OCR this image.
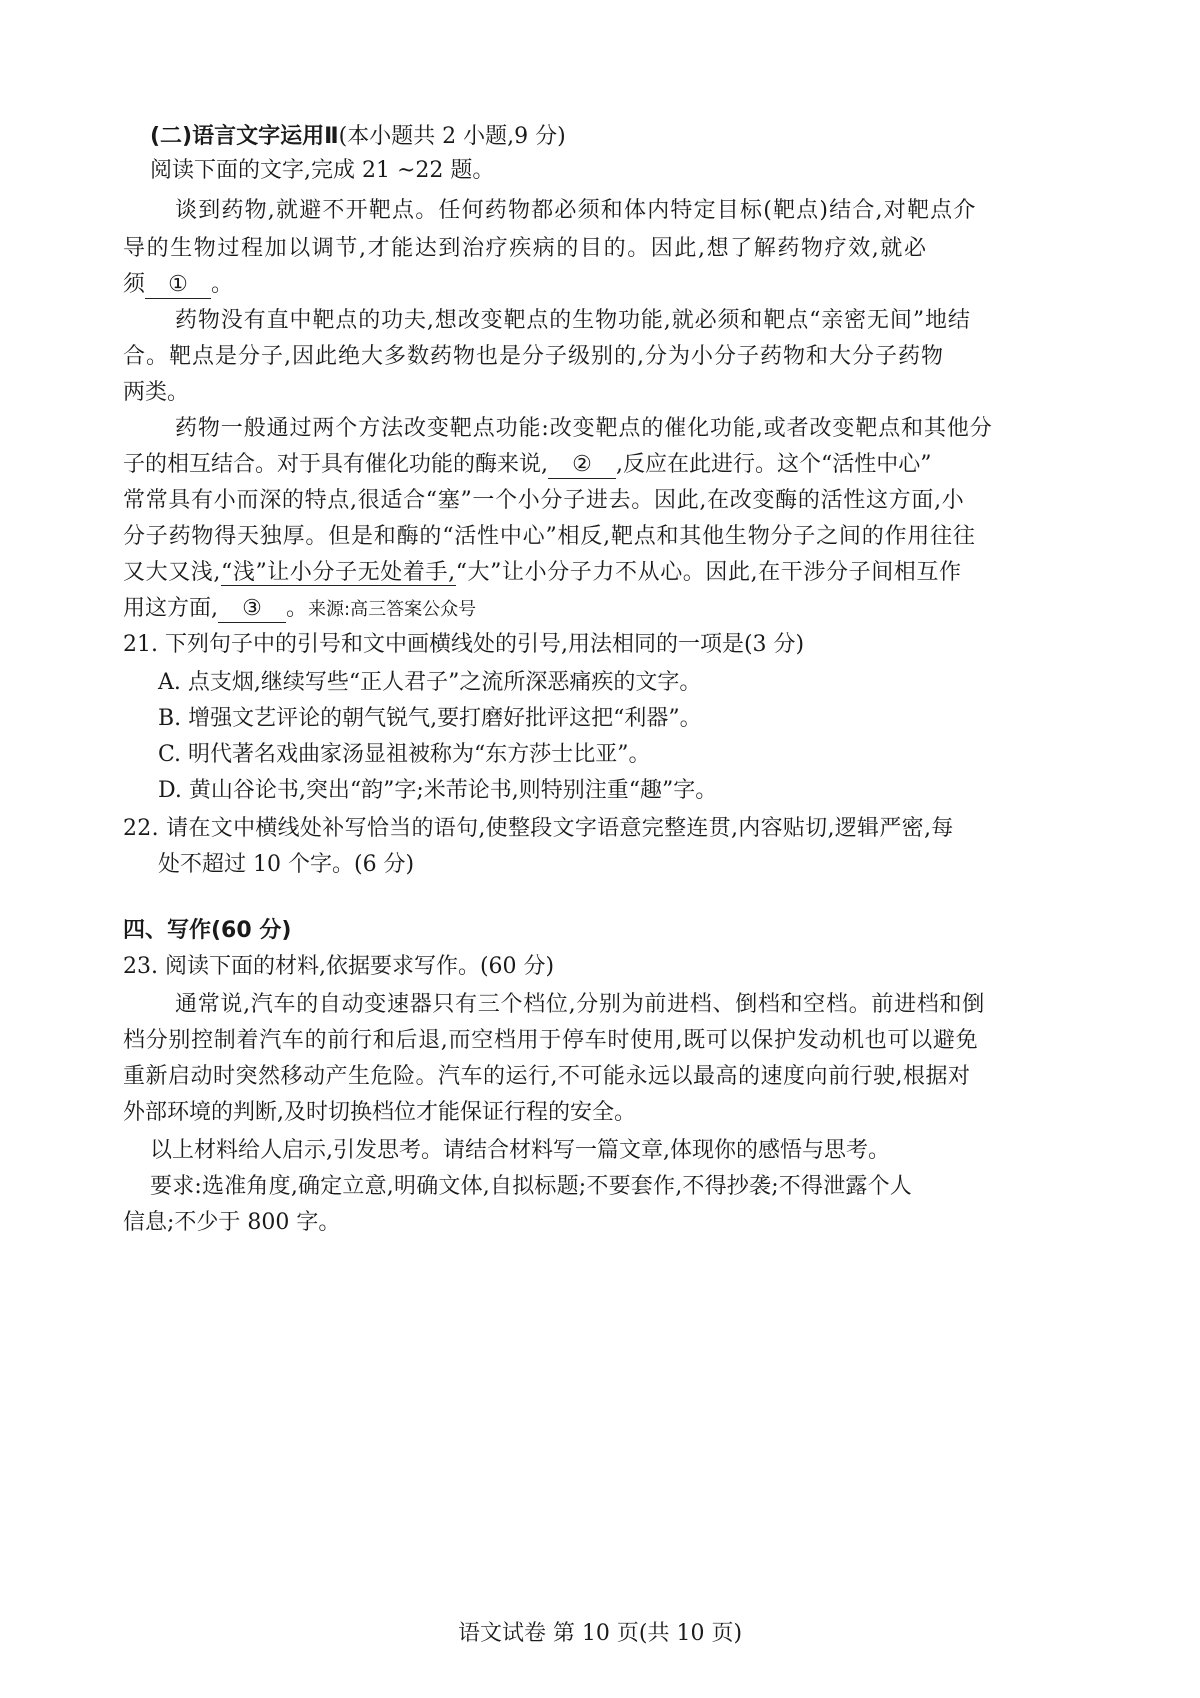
(二)语言文字运用Ⅱ(本小题共 2 小题,9 分)
阅读下面的文字,完成 21 ~22 题。
谈到药物,就避不开靶点。任何药物都必须和体内特定目标(靶点)结合,对靶点介
导的生物过程加以调节,才能达到治疗疾病的目的。因此,想了解药物疗效,就必
须 ① 。
药物没有直中靶点的功夫,想改变靶点的生物功能,就必须和靶点“亲密无间”地结
合。靶点是分子,因此绝大多数药物也是分子级别的,分为小分子药物和大分子药物
两类。
药物一般通过两个方法改变靶点功能:改变靶点的催化功能,或者改变靶点和其他分
子的相互结合。对于具有催化功能的酶来说, ② ,反应在此进行。这个“活性中心”
常常具有小而深的特点,很适合“塞”一个小分子进去。因此,在改变酶的活性这方面,小
分子药物得天独厚。但是和酶的“活性中心”相反,靶点和其他生物分子之间的作用往往
又大又浅,“浅”让小分子无处着手,“大”让小分子力不从心。因此,在干涉分子间相互作
用这方面, ③ 。来源:高三答案公众号
21. 下列句子中的引号和文中画横线处的引号,用法相同的一项是(3 分)
A. 点支烟,继续写些“正人君子”之流所深恶痛疾的文字。
B. 增强文艺评论的朝气锐气,要打磨好批评这把“利器”。
C. 明代著名戏曲家汤显祖被称为“东方莎士比亚”。
D. 黄山谷论书,突出“韵”字;米芾论书,则特别注重“趣”字。
22. 请在文中横线处补写恰当的语句,使整段文字语意完整连贯,内容贴切,逻辑严密,每
处不超过 10 个字。(6 分)
四、写作(60 分)
23. 阅读下面的材料,依据要求写作。(60 分)
通常说,汽车的自动变速器只有三个档位,分别为前进档、倒档和空档。前进档和倒
档分别控制着汽车的前行和后退,而空档用于停车时使用,既可以保护发动机也可以避免
重新启动时突然移动产生危险。汽车的运行,不可能永远以最高的速度向前行驶,根据对
外部环境的判断,及时切换档位才能保证行程的安全。
以上材料给人启示,引发思考。请结合材料写一篇文章,体现你的感悟与思考。
要求:选准角度,确定立意,明确文体,自拟标题;不要套作,不得抄袭;不得泄露个人
信息;不少于 800 字。
语文试卷 第 10 页(共 10 页)
